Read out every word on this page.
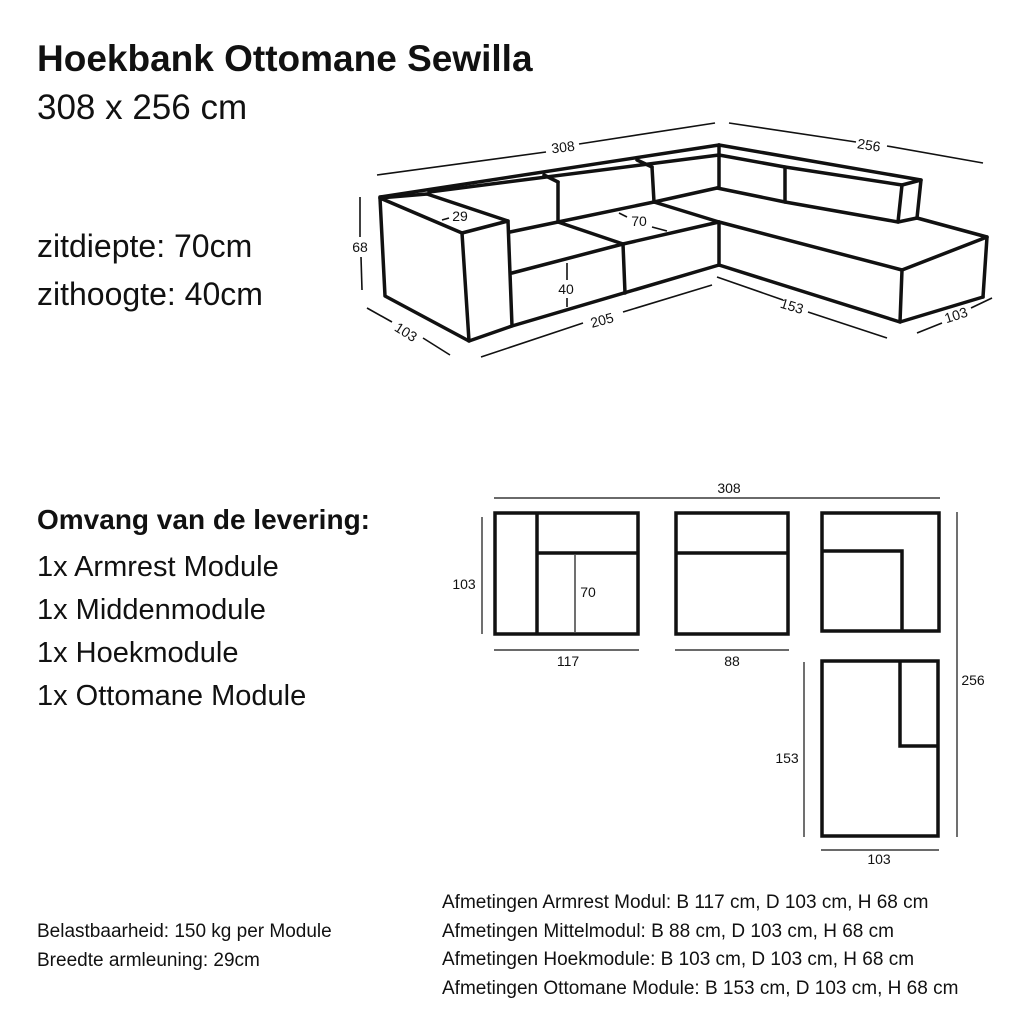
Hoekbank Ottomane Sewilla
308 x 256 cm
zitdiepte: 70cm
zithoogte: 40cm
Omvang van de levering:
1x Armrest Module
1x Middenmodule
1x Hoekmodule
1x Ottomane Module
Belastbaarheid: 150 kg per Module
Breedte armleuning: 29cm
Afmetingen Armrest Modul: B 117 cm, D 103 cm, H 68 cm
Afmetingen Mittelmodul: B 88 cm, D 103 cm, H 68 cm
Afmetingen Hoekmodule: B 103 cm, D 103 cm, H 68 cm
Afmetingen Ottomane Module: B 153 cm, D 103 cm, H 68 cm
308	256
68
103	205
153	103
29	70
40
308
103	70
117	88
256
153
103
